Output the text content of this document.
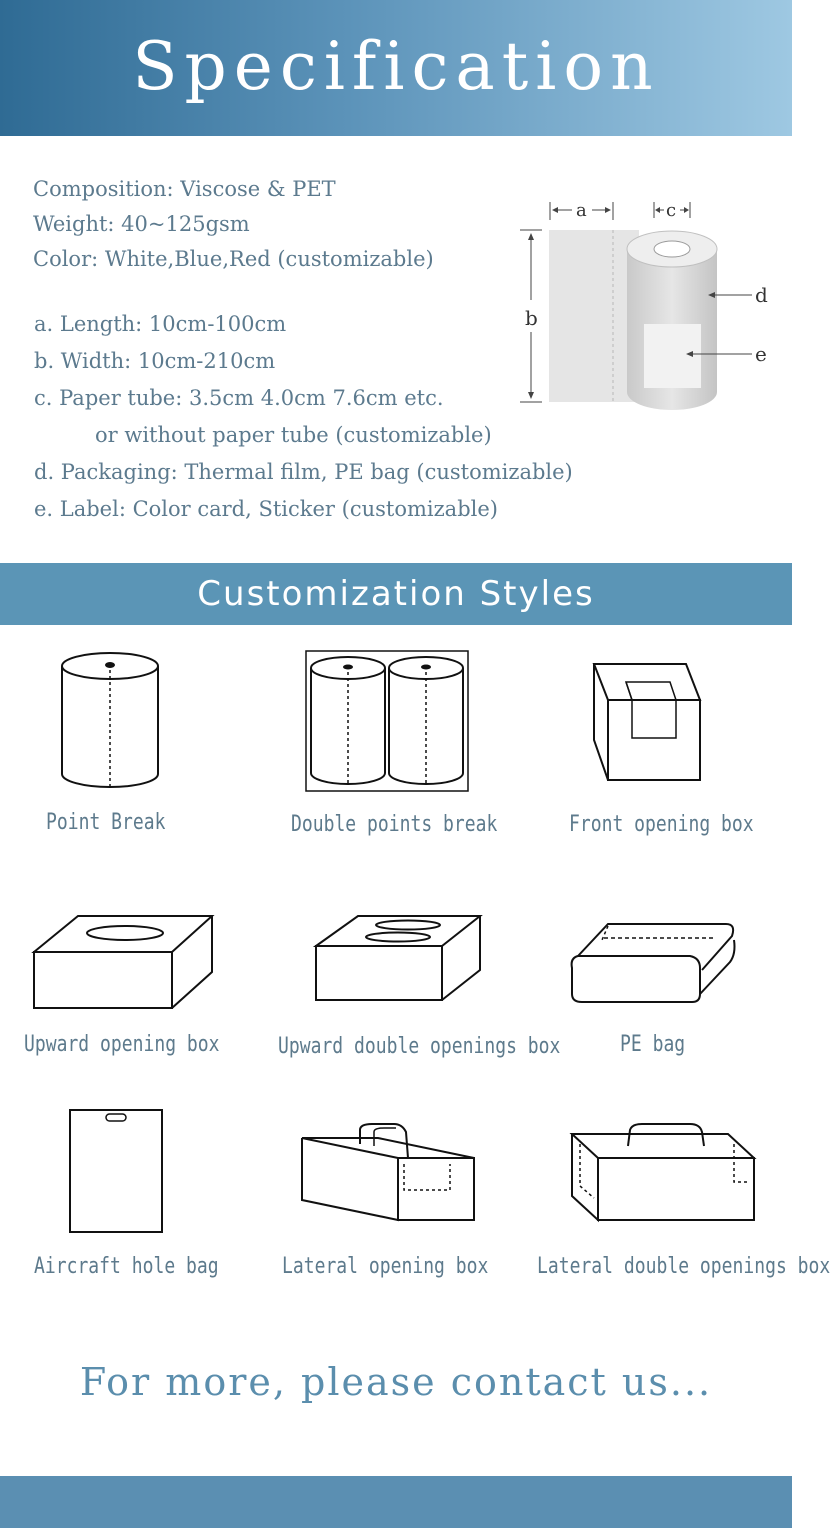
Specification
Composition: Viscose & PET
Weight: 40~125gsm
Color: White,Blue,Red (customizable)
a. Length: 10cm-100cm
b. Width: 10cm-210cm
c. Paper tube: 3.5cm 4.0cm 7.6cm etc.
or without paper tube (customizable)
d. Packaging: Thermal film, PE bag (customizable)
e. Label: Color card, Sticker (customizable)
a	c
b
d
e
Customization Styles
Point Break	Double points break	Front opening box
Upward opening box	Upward double openings box	PE bag
Aircraft hole bag	Lateral opening box Lateral double openings box
For more, please contact us...
